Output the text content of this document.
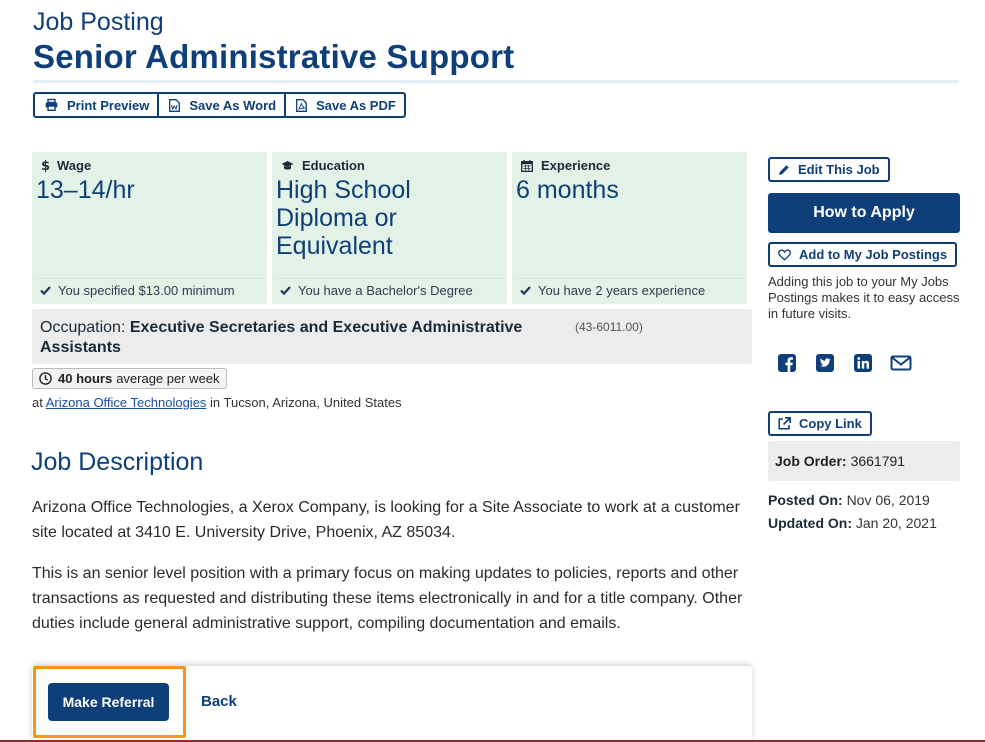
Job Posting
Senior Administrative Support
Print Preview	Save As Word	Save As PDF
$ Wage
13–14/hr
You specified $13.00 minimum
Education
High School Diploma or Equivalent
You have a Bachelor's Degree
Experience
6 months
You have 2 years experience
Occupation: Executive Secretaries and Executive Administrative Assistants
(43-6011.00)
40 hours average per week
at Arizona Office Technologies in Tucson, Arizona, United States
Job Description
Arizona Office Technologies, a Xerox Company, is looking for a Site Associate to work at a customer site located at 3410 E. University Drive, Phoenix, AZ 85034.
This is an senior level position with a primary focus on making updates to policies, reports and other transactions as requested and distributing these items electronically in and for a title company. Other duties include general administrative support, compiling documentation and emails.
Edit This Job
How to Apply
Add to My Job Postings
Adding this job to your My Jobs Postings makes it to easy access in future visits.
Copy Link
Job Order: 3661791
Posted On: Nov 06, 2019
Updated On: Jan 20, 2021
Make Referral	Back
